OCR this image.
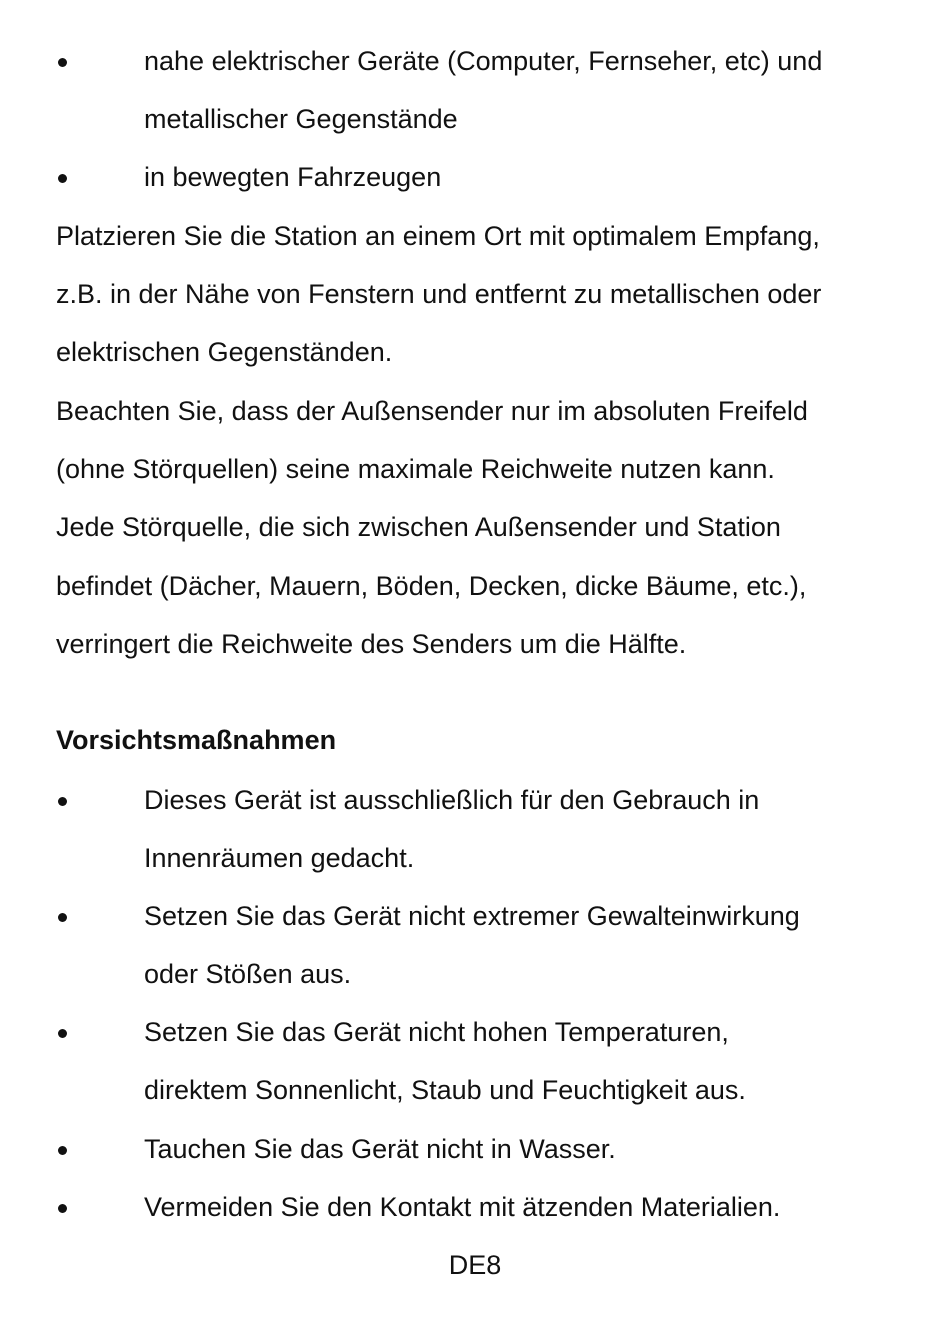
nahe elektrischer Geräte (Computer, Fernseher, etc) und
metallischer Gegenstände
in bewegten Fahrzeugen
Platzieren Sie die Station an einem Ort mit optimalem Empfang,
z.B. in der Nähe von Fenstern und entfernt zu metallischen oder
elektrischen Gegenständen.
Beachten Sie, dass der Außensender nur im absoluten Freifeld
(ohne Störquellen) seine maximale Reichweite nutzen kann.
Jede Störquelle, die sich zwischen Außensender und Station
befindet (Dächer, Mauern, Böden, Decken, dicke Bäume, etc.),
verringert die Reichweite des Senders um die Hälfte.
Vorsichtsmaßnahmen
Dieses Gerät ist ausschließlich für den Gebrauch in
Innenräumen gedacht.
Setzen Sie das Gerät nicht extremer Gewalteinwirkung
oder Stößen aus.
Setzen Sie das Gerät nicht hohen Temperaturen,
direktem Sonnenlicht, Staub und Feuchtigkeit aus.
Tauchen Sie das Gerät nicht in Wasser.
Vermeiden Sie den Kontakt mit ätzenden Materialien.
DE8
